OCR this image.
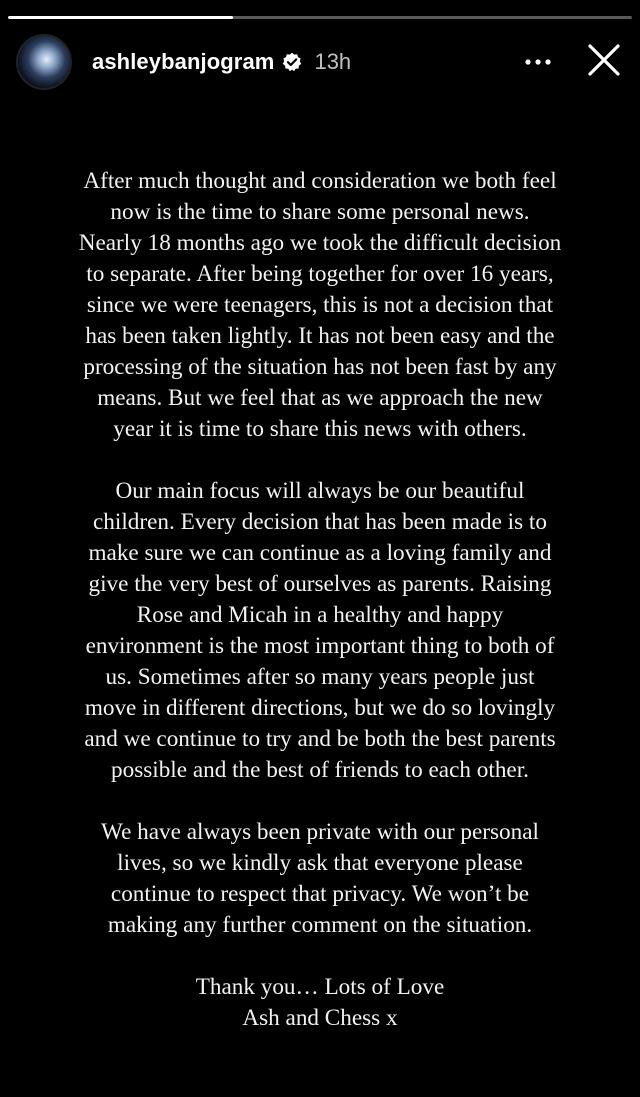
ashleybanjogram 13h

After much thought and consideration we both feel
now is the time to share some personal news.
Nearly 18 months ago we took the difficult decision
to separate. After being together for over 16 years,
since we were teenagers, this is not a decision that
has been taken lightly. It has not been easy and the
processing of the situation has not been fast by any
means. But we feel that as we approach the new
year it is time to share this news with others.

Our main focus will always be our beautiful
children. Every decision that has been made is to
make sure we can continue as a loving family and
give the very best of ourselves as parents. Raising
Rose and Micah in a healthy and happy
environment is the most important thing to both of
us. Sometimes after so many years people just
move in different directions, but we do so lovingly
and we continue to try and be both the best parents
possible and the best of friends to each other.

We have always been private with our personal
lives, so we kindly ask that everyone please
continue to respect that privacy. We won’t be
making any further comment on the situation.

Thank you… Lots of Love
Ash and Chess x
